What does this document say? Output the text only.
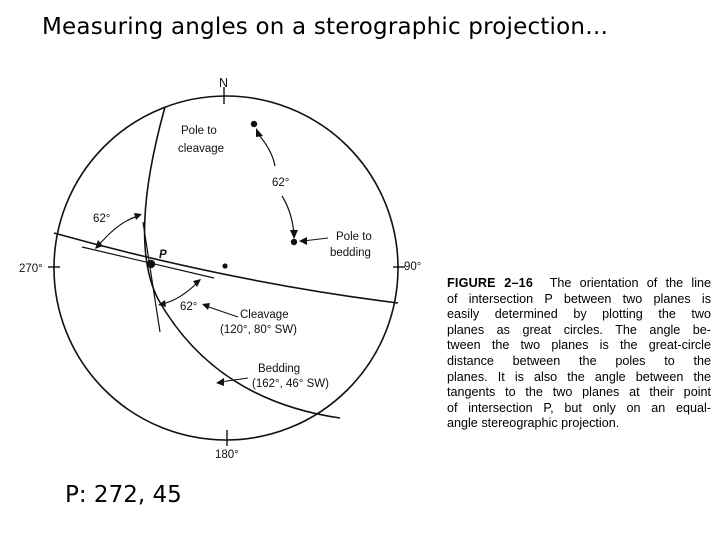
Measuring angles on a sterographic projection…
N
90°
180°
270°
Pole to
cleavage
Pole to
bedding
62°
62°
62°
P
Cleavage
(120°, 80° SW)
Bedding
(162°, 46° SW)
FIGURE 2–16 The orientation of the line
of intersection P between two planes is
easily determined by plotting the two
planes as great circles. The angle be-
tween the two planes is the great-circle
distance between the poles to the
planes. It is also the angle between the
tangents to the two planes at their point
of intersection P, but only on an equal-
angle stereographic projection.
P: 272, 45
